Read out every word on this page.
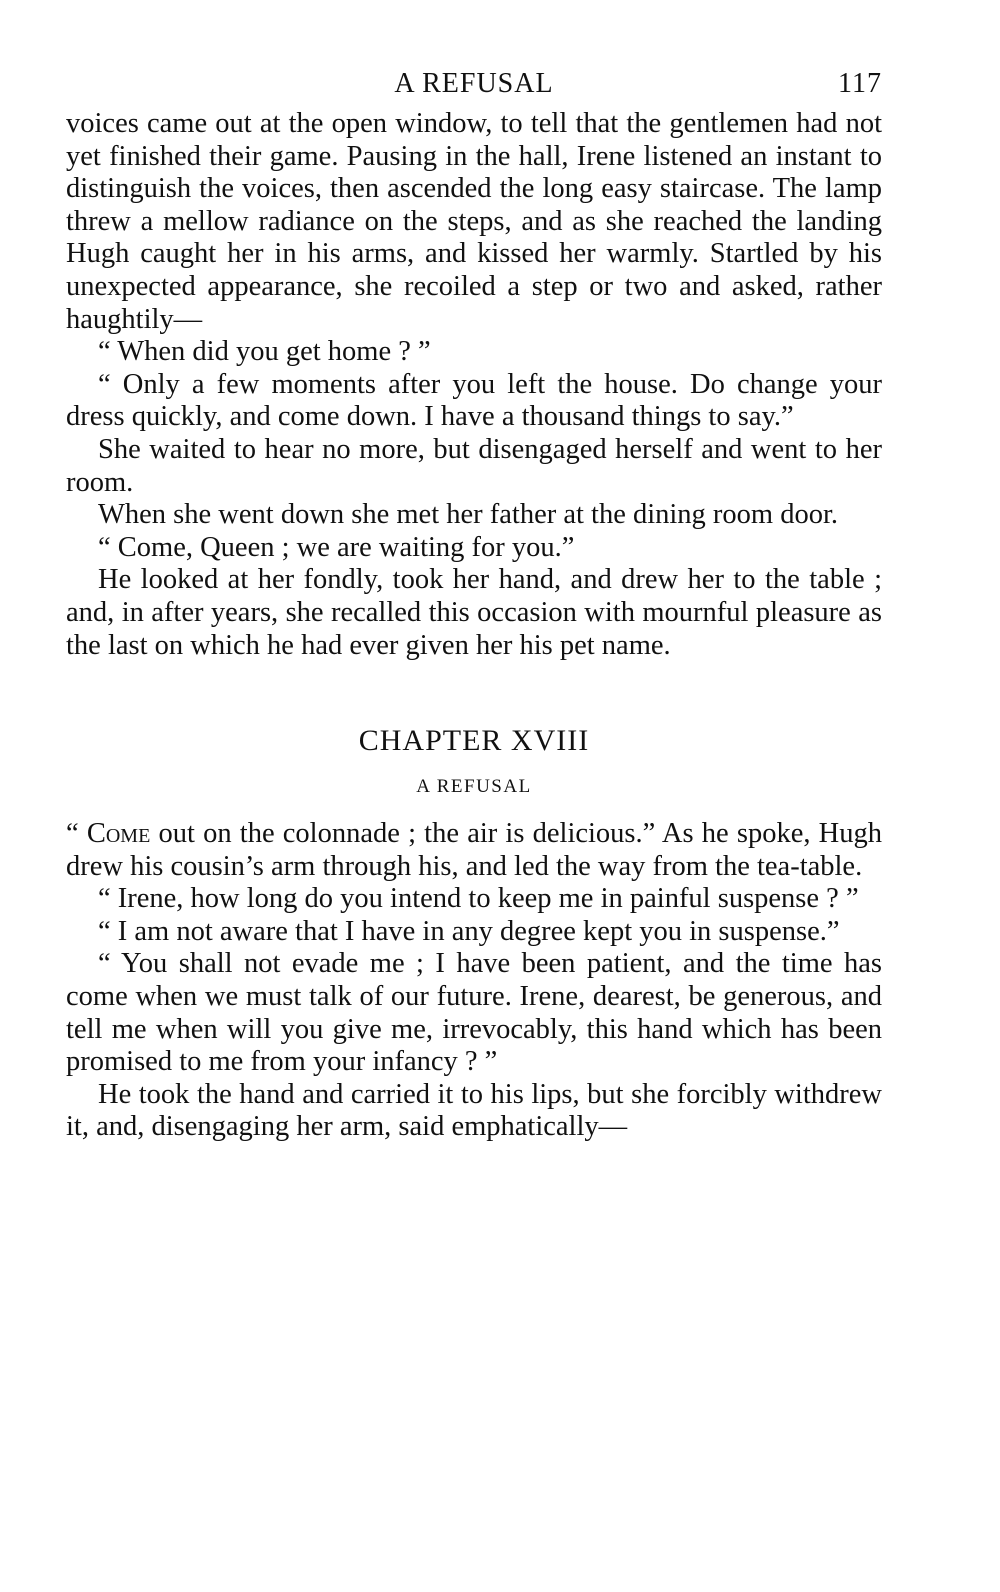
A REFUSAL	117

voices came out at the open window, to tell that the gentlemen had not yet finished their game. Pausing in the hall, Irene listened an instant to distinguish the voices, then ascended the long easy staircase. The lamp threw a mellow radiance on the steps, and as she reached the landing Hugh caught her in his arms, and kissed her warmly. Startled by his unexpected appearance, she recoiled a step or two and asked, rather haughtily—

“ When did you get home ? ”

“ Only a few moments after you left the house. Do change your dress quickly, and come down. I have a thousand things to say.”

She waited to hear no more, but disengaged herself and went to her room.

When she went down she met her father at the dining room door.

“ Come, Queen ; we are waiting for you.”

He looked at her fondly, took her hand, and drew her to the table ; and, in after years, she recalled this occasion with mournful pleasure as the last on which he had ever given her his pet name.

CHAPTER XVIII
A REFUSAL

“ Come out on the colonnade ; the air is delicious.” As he spoke, Hugh drew his cousin’s arm through his, and led the way from the tea-table.

“ Irene, how long do you intend to keep me in painful suspense ? ”

“ I am not aware that I have in any degree kept you in suspense.”

“ You shall not evade me ; I have been patient, and the time has come when we must talk of our future. Irene, dearest, be generous, and tell me when will you give me, irrevocably, this hand which has been promised to me from your infancy ? ”

He took the hand and carried it to his lips, but she forcibly withdrew it, and, disengaging her arm, said emphatically—
